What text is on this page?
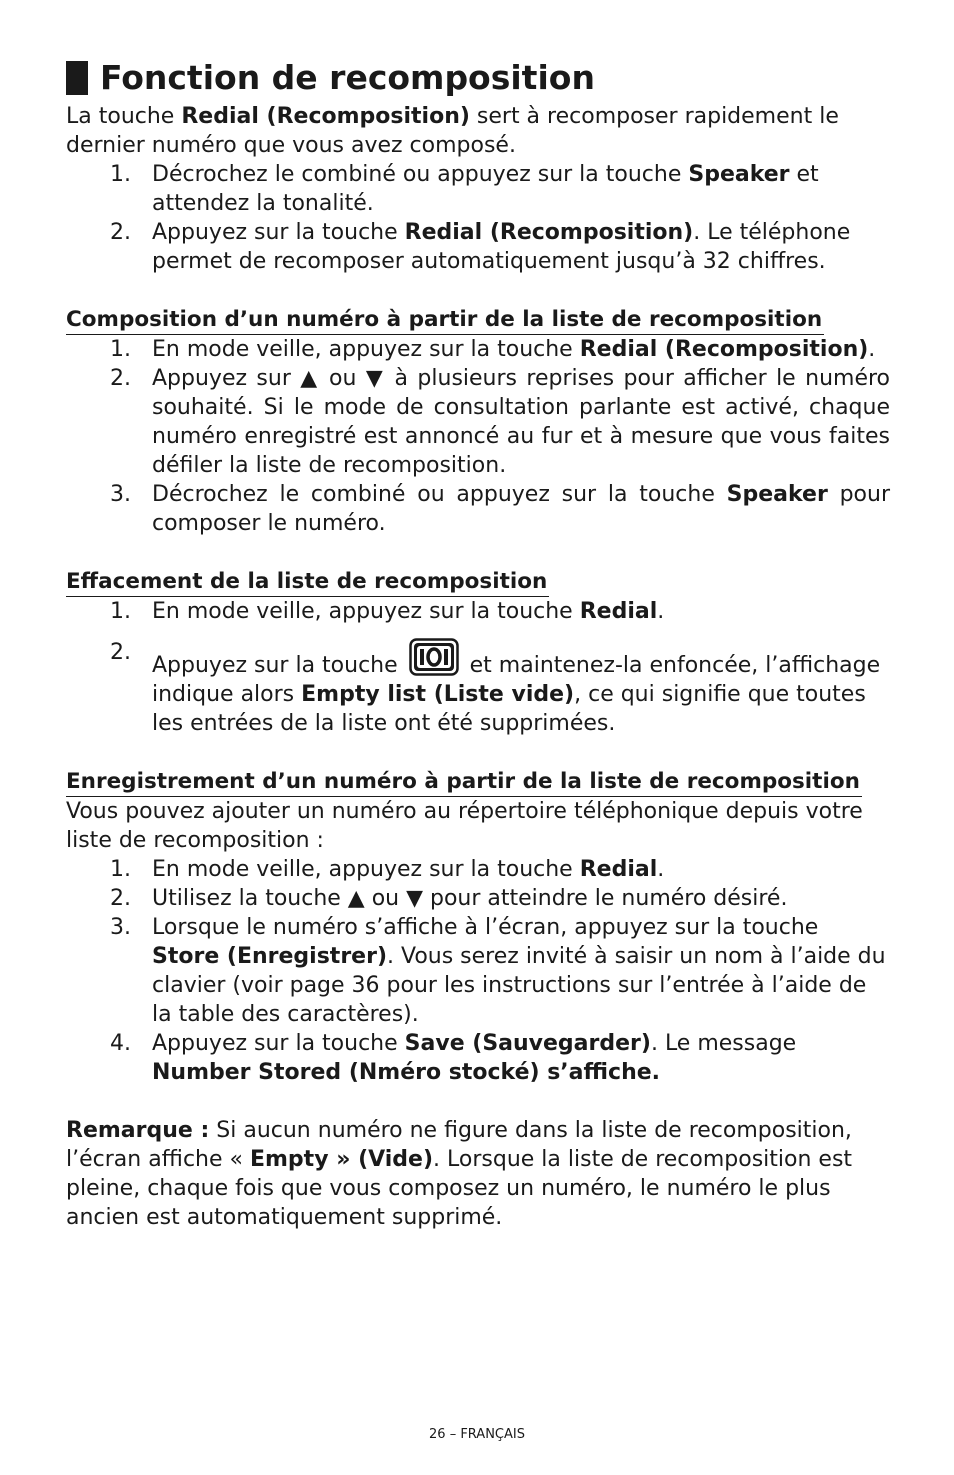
Fonction de recomposition

La touche Redial (Recomposition) sert à recomposer rapidement le dernier numéro que vous avez composé.

1. Décrochez le combiné ou appuyez sur la touche Speaker et attendez la tonalité.
2. Appuyez sur la touche Redial (Recomposition). Le téléphone permet de recomposer automatiquement jusqu’à 32 chiffres.
Composition d’un numéro à partir de la liste de recomposition
1. En mode veille, appuyez sur la touche Redial (Recomposition).
2. Appuyez sur ▲ ou ▼ à plusieurs reprises pour afficher le numéro souhaité. Si le mode de consultation parlante est activé, chaque numéro enregistré est annoncé au fur et à mesure que vous faites défiler la liste de recomposition.
3. Décrochez le combiné ou appuyez sur la touche Speaker pour composer le numéro.
Effacement de la liste de recomposition
1. En mode veille, appuyez sur la touche Redial.
2.
Appuyez sur la touche	et maintenez-la enfoncée, l’affichage indique alors Empty list (Liste vide), ce qui signifie que toutes les entrées de la liste ont été supprimées.
Enregistrement d’un numéro à partir de la liste de recomposition

Vous pouvez ajouter un numéro au répertoire téléphonique depuis votre liste de recomposition :

1. En mode veille, appuyez sur la touche Redial.
2. Utilisez la touche ▲ ou ▼ pour atteindre le numéro désiré.
3. Lorsque le numéro s’affiche à l’écran, appuyez sur la touche Store (Enregistrer). Vous serez invité à saisir un nom à l’aide du clavier (voir page 36 pour les instructions sur l’entrée à l’aide de la table des caractères).
4. Appuyez sur la touche Save (Sauvegarder). Le message Number Stored (Nméro stocké) s’affiche.

Remarque : Si aucun numéro ne figure dans la liste de recomposition, l’écran affiche « Empty » (Vide). Lorsque la liste de recomposition est pleine, chaque fois que vous composez un numéro, le numéro le plus ancien est automatiquement supprimé.

26 – FRANÇAIS
